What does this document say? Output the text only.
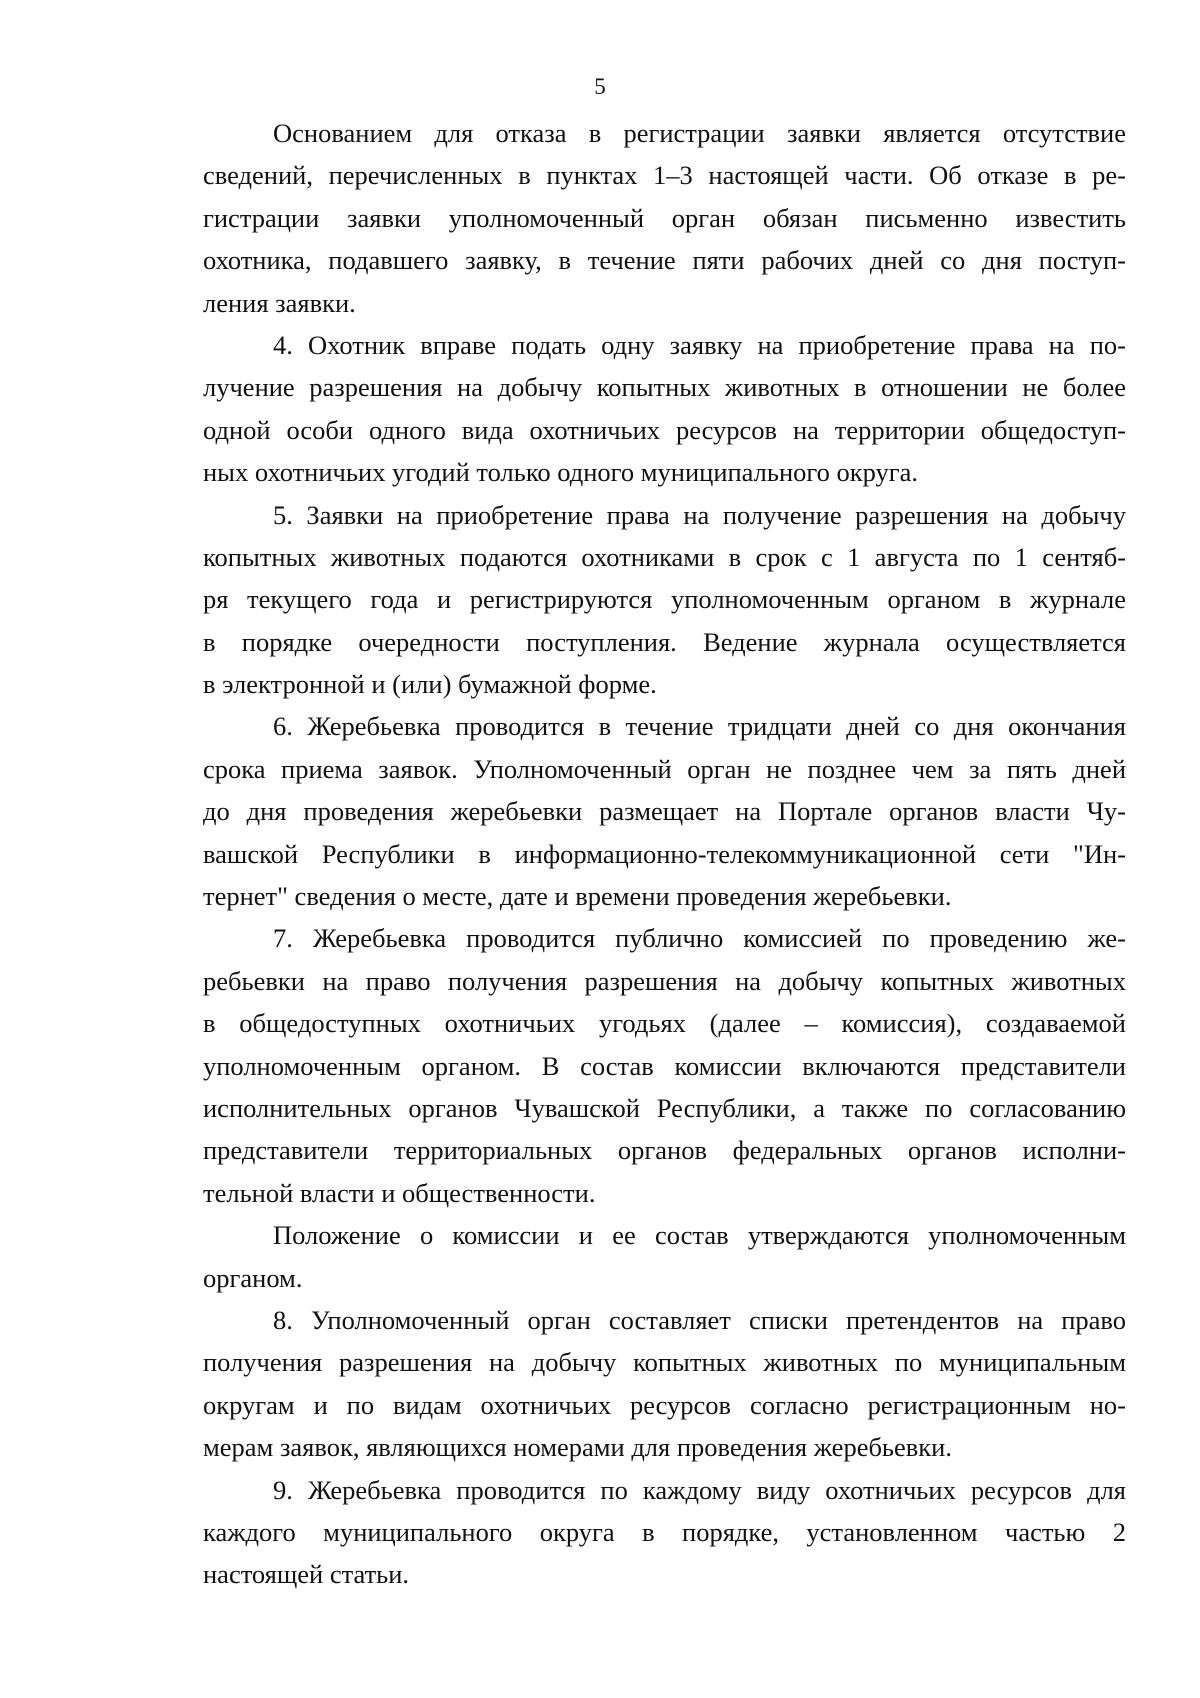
5
Основанием для отказа в регистрации заявки является отсутствие
сведений, перечисленных в пунктах 1–3 настоящей части. Об отказе в ре-
гистрации заявки уполномоченный орган обязан письменно известить
охотника, подавшего заявку, в течение пяти рабочих дней со дня поступ-
ления заявки.
4. Охотник вправе подать одну заявку на приобретение права на по-
лучение разрешения на добычу копытных животных в отношении не более
одной особи одного вида охотничьих ресурсов на территории общедоступ-
ных охотничьих угодий только одного муниципального округа.
5. Заявки на приобретение права на получение разрешения на добычу
копытных животных подаются охотниками в срок с 1 августа по 1 сентяб-
ря текущего года и регистрируются уполномоченным органом в журнале
в порядке очередности поступления. Ведение журнала осуществляется
в электронной и (или) бумажной форме.
6. Жеребьевка проводится в течение тридцати дней со дня окончания
срока приема заявок. Уполномоченный орган не позднее чем за пять дней
до дня проведения жеребьевки размещает на Портале органов власти Чу-
вашской Республики в информационно-телекоммуникационной сети "Ин-
тернет" сведения о месте, дате и времени проведения жеребьевки.
7. Жеребьевка проводится публично комиссией по проведению же-
ребьевки на право получения разрешения на добычу копытных животных
в общедоступных охотничьих угодьях (далее – комиссия), создаваемой
уполномоченным органом. В состав комиссии включаются представители
исполнительных органов Чувашской Республики, а также по согласованию
представители территориальных органов федеральных органов исполни-
тельной власти и общественности.
Положение о комиссии и ее состав утверждаются уполномоченным
органом.
8. Уполномоченный орган составляет списки претендентов на право
получения разрешения на добычу копытных животных по муниципальным
округам и по видам охотничьих ресурсов согласно регистрационным но-
мерам заявок, являющихся номерами для проведения жеребьевки.
9. Жеребьевка проводится по каждому виду охотничьих ресурсов для
каждого муниципального округа в порядке, установленном частью 2
настоящей статьи.
